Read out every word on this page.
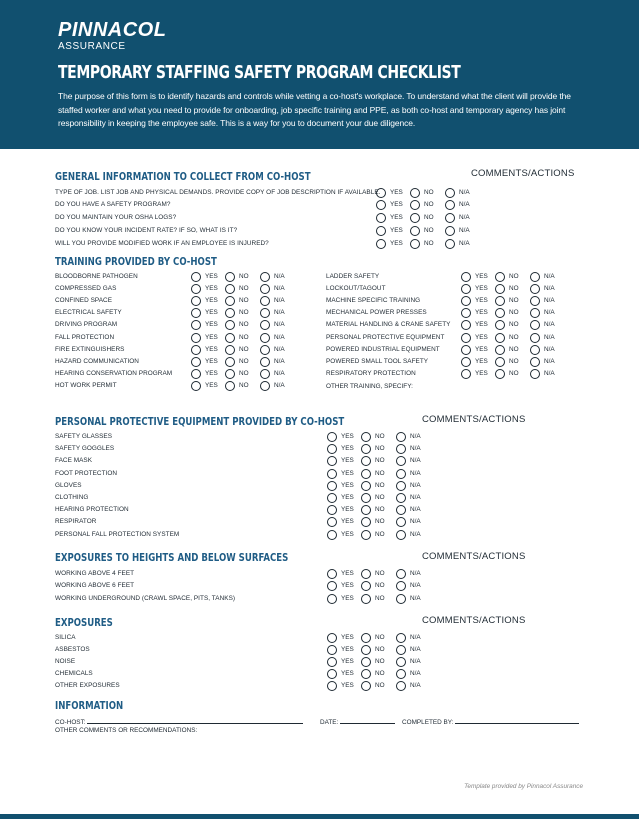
PINNACOL
ASSURANCE
TEMPORARY STAFFING SAFETY PROGRAM CHECKLIST
The purpose of this form is to identify hazards and controls while vetting a co-host's workplace. To understand what the client will provide the staffed worker and what you need to provide for onboarding, job specific training and PPE, as both co-host and temporary agency has joint responsibility in keeping the employee safe. This is a way for you to document your due diligence.
GENERAL INFORMATION TO COLLECT FROM CO-HOST	COMMENTS/ACTIONS
TYPE OF JOB. LIST JOB AND PHYSICAL DEMANDS. PROVIDE COPY OF JOB DESCRIPTION IF AVAILABLE. YES	NO	N/A
DO YOU HAVE A SAFETY PROGRAM?	YES	NO	N/A
DO YOU MAINTAIN YOUR OSHA LOGS?	YES	NO	N/A
DO YOU KNOW YOUR INCIDENT RATE? IF SO, WHAT IS IT?	YES	NO	N/A
WILL YOU PROVIDE MODIFIED WORK IF AN EMPLOYEE IS INJURED?	YES	NO	N/A
TRAINING PROVIDED BY CO-HOST
BLOODBORNE PATHOGEN	YES	NO	N/A
COMPRESSED GAS	YES	NO	N/A
CONFINED SPACE	YES	NO	N/A
ELECTRICAL SAFETY	YES	NO	N/A
DRIVING PROGRAM	YES	NO	N/A
FALL PROTECTION	YES	NO	N/A
FIRE EXTINGUISHERS	YES	NO	N/A
HAZARD COMMUNICATION	YES	NO	N/A
HEARING CONSERVATION PROGRAM	YES	NO	N/A
HOT WORK PERMIT	YES	NO	N/A
LADDER SAFETY	YES	NO	N/A
LOCKOUT/TAGOUT	YES	NO	N/A
MACHINE SPECIFIC TRAINING	YES	NO	N/A
MECHANICAL POWER PRESSES	YES	NO	N/A
MATERIAL HANDLING & CRANE SAFETY	YES	NO	N/A
PERSONAL PROTECTIVE EQUIPMENT	YES	NO	N/A
POWERED INDUSTRIAL EQUIPMENT	YES	NO	N/A
POWERED SMALL TOOL SAFETY	YES	NO	N/A
RESPIRATORY PROTECTION	YES	NO	N/A
OTHER TRAINING, SPECIFY:
PERSONAL PROTECTIVE EQUIPMENT PROVIDED BY CO-HOST	COMMENTS/ACTIONS
SAFETY GLASSES	YES	NO	N/A
SAFETY GOGGLES	YES	NO	N/A
FACE MASK	YES	NO	N/A
FOOT PROTECTION	YES	NO	N/A
GLOVES	YES	NO	N/A
CLOTHING	YES	NO	N/A
HEARING PROTECTION	YES	NO	N/A
RESPIRATOR	YES	NO	N/A
PERSONAL FALL PROTECTION SYSTEM	YES	NO	N/A
EXPOSURES TO HEIGHTS AND BELOW SURFACES	COMMENTS/ACTIONS
WORKING ABOVE 4 FEET	YES	NO	N/A
WORKING ABOVE 6 FEET	YES	NO	N/A
WORKING UNDERGROUND (CRAWL SPACE, PITS, TANKS)	YES	NO	N/A
EXPOSURES	COMMENTS/ACTIONS
SILICA	YES	NO	N/A
ASBESTOS	YES	NO	N/A
NOISE	YES	NO	N/A
CHEMICALS	YES	NO	N/A
OTHER EXPOSURES	YES	NO	N/A
INFORMATION
CO-HOST:	DATE:	COMPLETED BY:
OTHER COMMENTS OR RECOMMENDATIONS:
Template provided by Pinnacol Assurance
